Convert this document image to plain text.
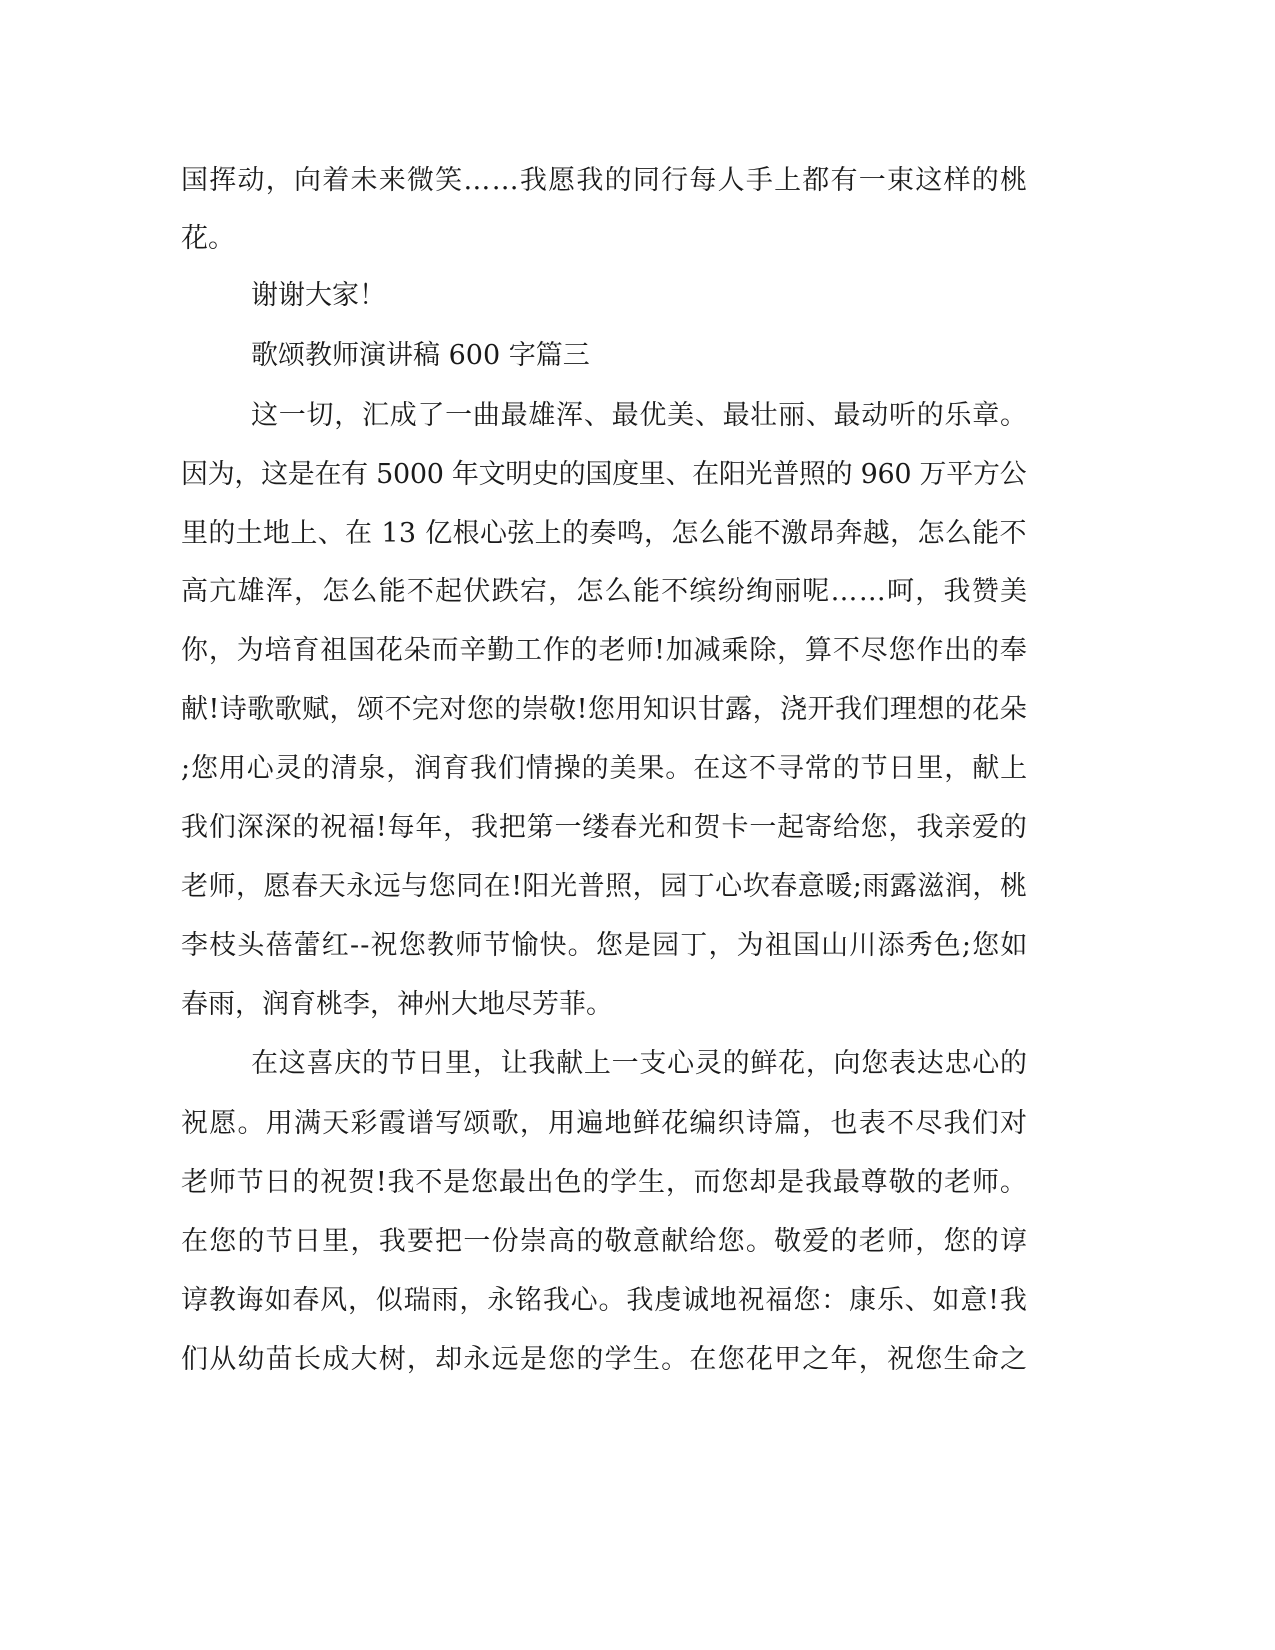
国挥动，向着未来微笑……我愿我的同行每人手上都有一束这样的桃
花。
谢谢大家！
歌颂教师演讲稿 600 字篇三
这一切，汇成了一曲最雄浑、最优美、最壮丽、最动听的乐章。
因为，这是在有 5000 年文明史的国度里、在阳光普照的 960 万平方公
里的土地上、在 13 亿根心弦上的奏鸣，怎么能不激昂奔越，怎么能不
高亢雄浑，怎么能不起伏跌宕，怎么能不缤纷绚丽呢……呵，我赞美
你，为培育祖国花朵而辛勤工作的老师!加减乘除，算不尽您作出的奉
献!诗歌歌赋，颂不完对您的崇敬!您用知识甘露，浇开我们理想的花朵
;您用心灵的清泉，润育我们情操的美果。在这不寻常的节日里，献上
我们深深的祝福!每年，我把第一缕春光和贺卡一起寄给您，我亲爱的
老师，愿春天永远与您同在!阳光普照，园丁心坎春意暖;雨露滋润，桃
李枝头蓓蕾红--祝您教师节愉快。您是园丁，为祖国山川添秀色;您如
春雨，润育桃李，神州大地尽芳菲。
在这喜庆的节日里，让我献上一支心灵的鲜花，向您表达忠心的
祝愿。用满天彩霞谱写颂歌，用遍地鲜花编织诗篇，也表不尽我们对
老师节日的祝贺!我不是您最出色的学生，而您却是我最尊敬的老师。
在您的节日里，我要把一份崇高的敬意献给您。敬爱的老师，您的谆
谆教诲如春风，似瑞雨，永铭我心。我虔诚地祝福您：康乐、如意!我
们从幼苗长成大树，却永远是您的学生。在您花甲之年，祝您生命之
